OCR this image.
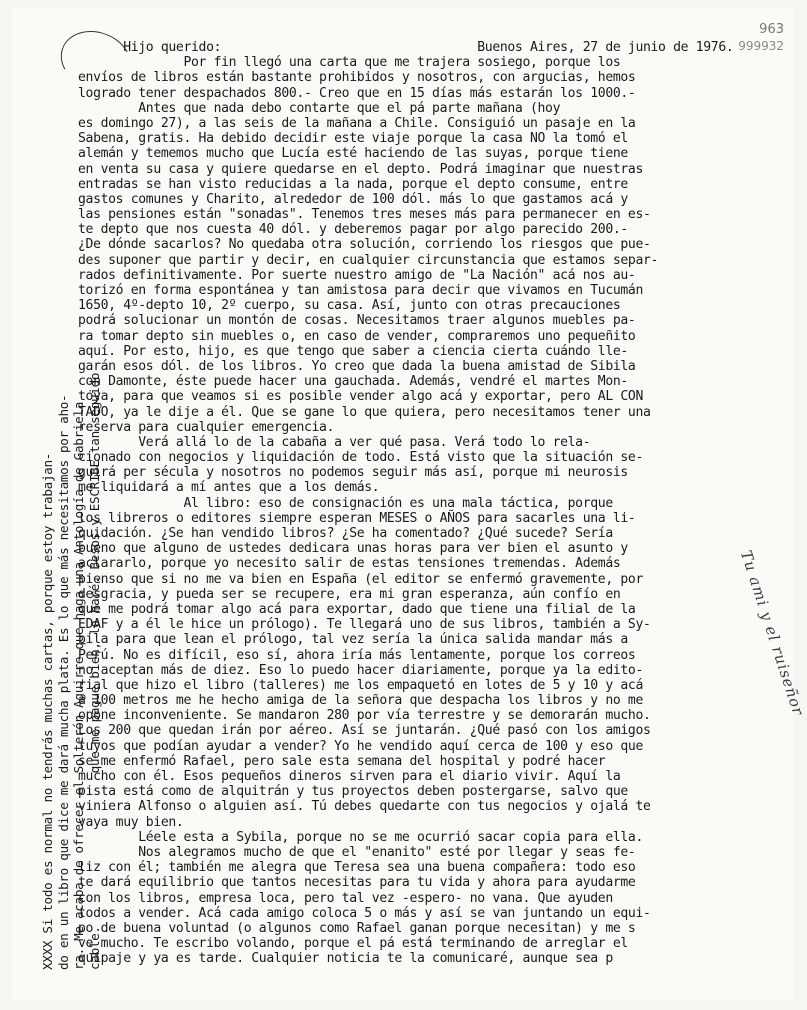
963
999932
Hijo querido:                                  Buenos Aires, 27 de junio de 1976.
Por fin llegó una carta que me trajera sosiego, porque los
envíos de libros están bastante prohibidos y nosotros, con argucias, hemos
logrado tener despachados 800.- Creo que en 15 días más estarán los 1000.-
Antes que nada debo contarte que el pá parte mañana (hoy
es domingo 27), a las seis de la mañana a Chile. Consiguió un pasaje en la
Sabena, gratis. Ha debido decidir este viaje porque la casa NO la tomó el
alemán y tememos mucho que Lucía esté haciendo de las suyas, porque tiene
en venta su casa y quiere quedarse en el depto. Podrá imaginar que nuestras
entradas se han visto reducidas a la nada, porque el depto consume, entre
gastos comunes y Charito, alrededor de 100 dól. más lo que gastamos acá y
las pensiones están "sonadas". Tenemos tres meses más para permanecer en es-
te depto que nos cuesta 40 dól. y deberemos pagar por algo parecido 200.-
¿De dónde sacarlos? No quedaba otra solución, corriendo los riesgos que pue-
des suponer que partir y decir, en cualquier circunstancia que estamos separ-
rados definitivamente. Por suerte nuestro amigo de "La Nación" acá nos au-
torizó en forma espontánea y tan amistosa para decir que vivamos en Tucumán
1650, 4º-depto 10, 2º cuerpo, su casa. Así, junto con otras precauciones
podrá solucionar un montón de cosas. Necesitamos traer algunos muebles pa-
ra tomar depto sin muebles o, en caso de vender, compraremos uno pequeñito
aquí. Por esto, hijo, es que tengo que saber a ciencia cierta cuándo lle-
garán esos dól. de los libros. Yo creo que dada la buena amistad de Sibila
con Damonte, éste puede hacer una gauchada. Además, vendré el martes Mon-
toya, para que veamos si es posible vender algo acá y exportar, pero AL CON
TADO, ya le dije a él. Que se gane lo que quiera, pero necesitamos tener una
reserva para cualquier emergencia.
Verá allá lo de la cabaña a ver qué pasa. Verá todo lo rela-
cionado con negocios y liquidación de todo. Está visto que la situación se-
guirá per sécula y nosotros no podemos seguir más así, porque mi neurosis
me liquidará a mí antes que a los demás.
Al libro: eso de consignación es una mala táctica, porque
los libreros o editores siempre esperan MESES o AÑOS para sacarles una li-
quidación. ¿Se han vendido libros? ¿Se ha comentado? ¿Qué sucede? Sería
bueno que alguno de ustedes dedicara unas horas para ver bien el asunto y
aclararlo, porque yo necesito salir de estas tensiones tremendas. Además
pienso que si no me va bien en España (el editor se enfermó gravemente, por
desgracia, y pueda ser se recupere, era mi gran esperanza, aún confío en
que me podrá tomar algo acá para exportar, dado que tiene una filial de la
EDAF y a él le hice un prólogo). Te llegará uno de sus libros, también a Sy-
bila para que lean el prólogo, tal vez sería la única salida mandar más a
Perú. No es difícil, eso sí, ahora iría más lentamente, porque los correos
no aceptan más de diez. Eso lo puedo hacer diariamente, porque ya la edito-
rial que hizo el libro (talleres) me los empaquetó en lotes de 5 y 10 y acá
a 100 metros me he hecho amiga de la señora que despacha los libros y no me
opone inconveniente. Se mandaron 280 por vía terrestre y se demorarán mucho.
Los 200 que quedan irán por aéreo. Así se juntarán. ¿Qué pasó con los amigos
tuyos que podían ayudar a vender? Yo he vendido aquí cerca de 100 y eso que
se me enfermó Rafael, pero sale esta semana del hospital y podré hacer
mucho con él. Esos pequeños dineros sirven para el diario vivir. Aquí la
pista está como de alquitrán y tus proyectos deben postergarse, salvo que
viniera Alfonso o alguien así. Tú debes quedarte con tus negocios y ojalá te
vaya muy bien.
Léele esta a Sybila, porque no se me ocurrió sacar copia para ella.
Nos alegramos mucho de que el "enanito" esté por llegar y seas fe-
liz con él; también me alegra que Teresa sea una buena compañera: todo eso
te dará equilibrio que tantos necesitas para tu vida y ahora para ayudarme
con los libros, empresa loca, pero tal vez -espero- no vana. Que ayuden
todos a vender. Acá cada amigo coloca 5 o más y así se van juntando un equi-
po de buena voluntad (o algunos como Rafael ganan porque necesitan) y me s
ve mucho. Te escribo volando, porque el pá está terminando de arreglar el
quipaje y ya es tarde. Cualquier noticia te la comunicaré, aunque sea p
XXXX Si todo es normal no tendrás muchas cartas, porque estoy trabajan- do en un libro que dice me dará mucha plata. Es lo que más necesitamos por aho- ra. Me acaba de ofrecer el Solterón Aguirre que haga una Antología de Gabriela cable.                     que me pague bien, lo haré. Besos y ESCRIBE tan seguido	Tu ami y el ruiseñor
